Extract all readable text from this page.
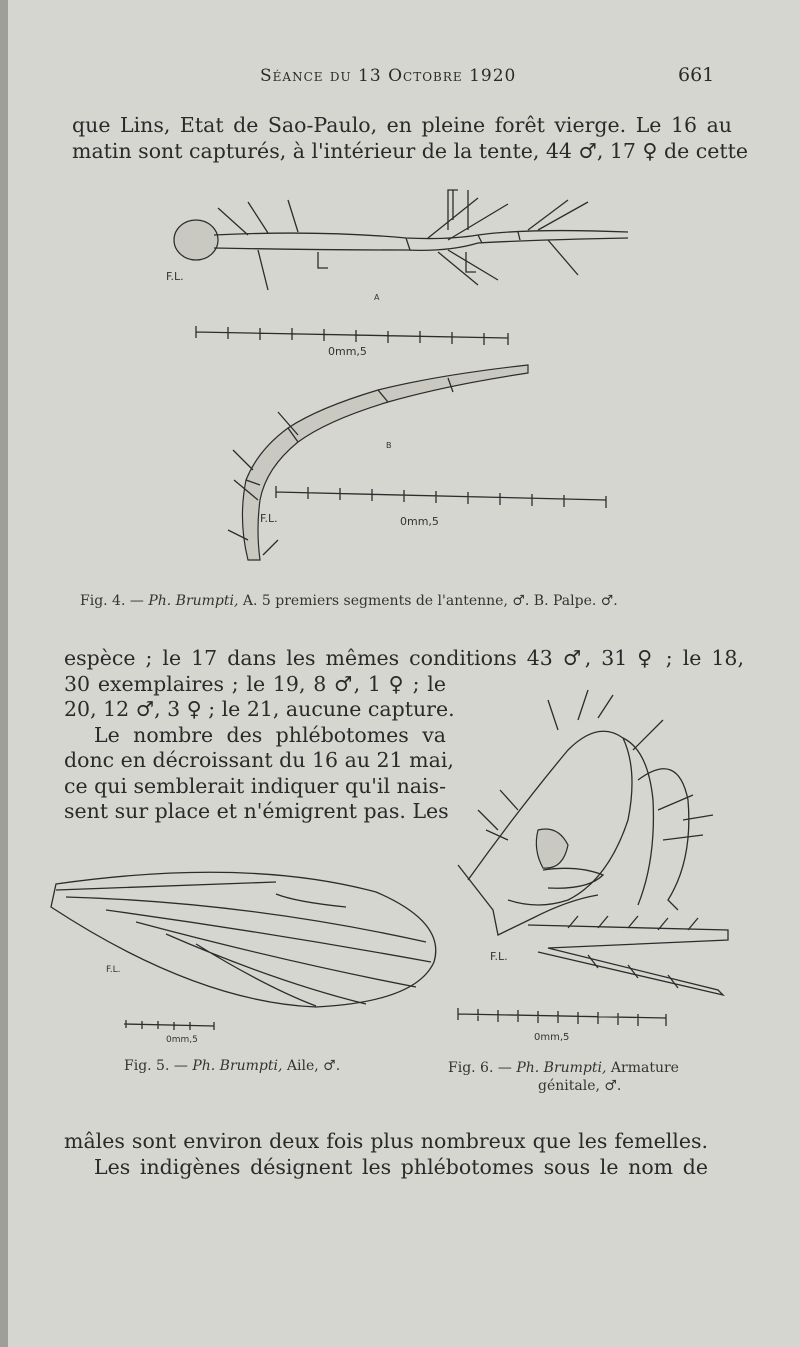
Séance du 13 Octobre 1920	661
que Lins, Etat de Sao-Paulo, en pleine forêt vierge. Le 16 au
matin sont capturés, à l'intérieur de la tente, 44 ♂, 17 ♀ de cette
F.L.
A
0mm,5
B
F.L.	0mm,5
Fig. 4. — Ph. Brumpti, A. 5 premiers segments de l'antenne, ♂. B. Palpe. ♂.
espèce ; le 17 dans les mêmes conditions 43 ♂, 31 ♀ ; le 18,
30 exemplaires ; le 19, 8 ♂, 1 ♀ ; le
20, 12 ♂, 3 ♀ ; le 21, aucune capture.
Le nombre des phlébotomes va
donc en décroissant du 16 au 21 mai,
ce qui semblerait indiquer qu'il nais-
sent sur place et n'émigrent pas. Les
F.L.
0mm,5
Fig. 5. — Ph. Brumpti, Aile, ♂.
F.L.
0mm,5
Fig. 6. — Ph. Brumpti, Armature
génitale, ♂.
mâles sont environ deux fois plus nombreux que les femelles.
Les indigènes désignent les phlébotomes sous le nom de
